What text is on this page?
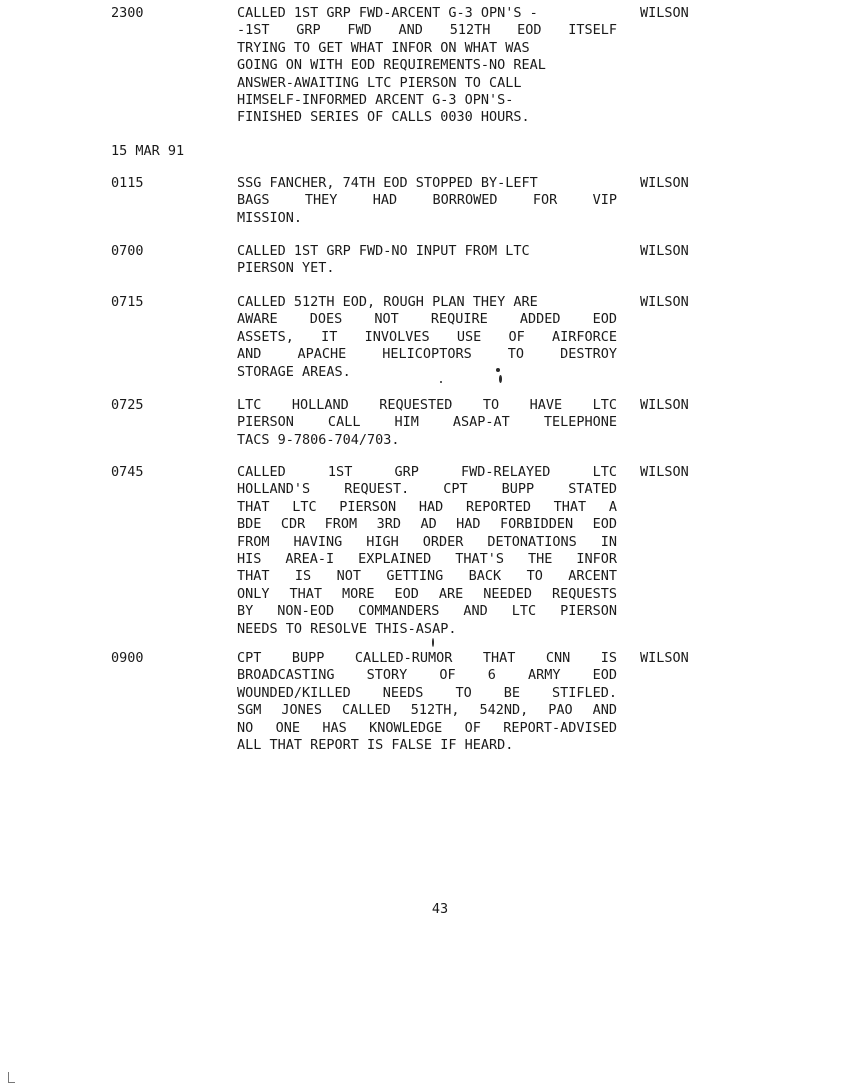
2300	CALLED 1ST GRP FWD-ARCENT G-3 OPN'S -
-1ST GRP FWD AND 512TH EOD ITSELF
TRYING TO GET WHAT INFOR ON WHAT WAS
GOING ON WITH EOD REQUIREMENTS-NO REAL
ANSWER-AWAITING LTC PIERSON TO CALL
HIMSELF-INFORMED ARCENT G-3 OPN'S-
FINISHED SERIES OF CALLS 0030 HOURS.
WILSON
15 MAR 91
0115	SSG FANCHER, 74TH EOD STOPPED BY-LEFT
BAGS THEY HAD BORROWED FOR VIP
MISSION.
WILSON
0700	CALLED 1ST GRP FWD-NO INPUT FROM LTC
PIERSON YET.
WILSON
0715	CALLED 512TH EOD, ROUGH PLAN THEY ARE
AWARE DOES NOT REQUIRE ADDED EOD
ASSETS, IT INVOLVES USE OF AIRFORCE
AND APACHE HELICOPTORS TO DESTROY
STORAGE AREAS.
WILSON
0725	LTC HOLLAND REQUESTED TO HAVE LTC
PIERSON CALL HIM ASAP-AT TELEPHONE
TACS 9-7806-704/703.
WILSON
0745	CALLED 1ST GRP FWD-RELAYED LTC
HOLLAND'S REQUEST. CPT BUPP STATED
THAT LTC PIERSON HAD REPORTED THAT A
BDE CDR FROM 3RD AD HAD FORBIDDEN EOD
FROM HAVING HIGH ORDER DETONATIONS IN
HIS AREA-I EXPLAINED THAT'S THE INFOR
THAT IS NOT GETTING BACK TO ARCENT
ONLY THAT MORE EOD ARE NEEDED REQUESTS
BY NON-EOD COMMANDERS AND LTC PIERSON
NEEDS TO RESOLVE THIS-ASAP.
WILSON
0900	CPT BUPP CALLED-RUMOR THAT CNN IS
BROADCASTING STORY OF 6 ARMY EOD
WOUNDED/KILLED NEEDS TO BE STIFLED.
SGM JONES CALLED 512TH, 542ND, PAO AND
NO ONE HAS KNOWLEDGE OF REPORT-ADVISED
ALL THAT REPORT IS FALSE IF HEARD.
WILSON
43
